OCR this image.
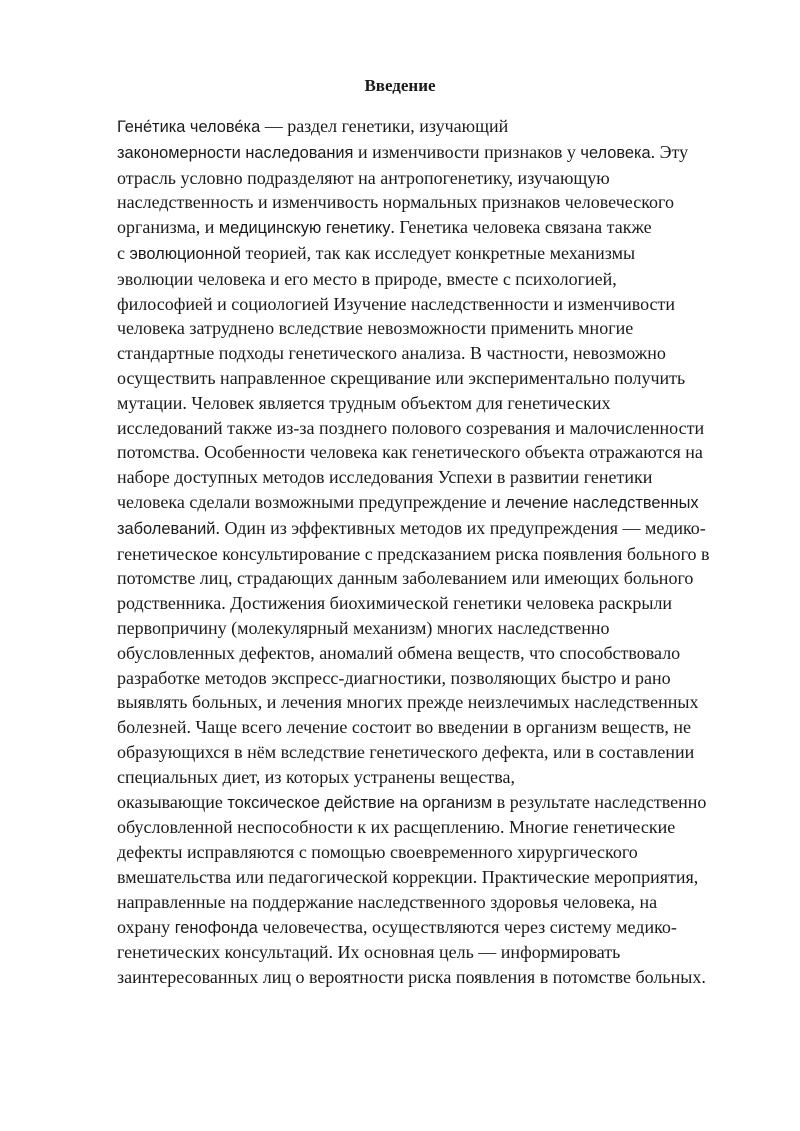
Введение
Гене́тика челове́ка — раздел генетики, изучающий
закономерности наследования и изменчивости признаков у человека. Эту
отрасль условно подразделяют на антропогенетику, изучающую
наследственность и изменчивость нормальных признаков человеческого
организма, и медицинскую генетику. Генетика человека связана также
с эволюционной теорией, так как исследует конкретные механизмы
эволюции человека и его место в природе, вместе с психологией,
философией и социологией Изучение наследственности и изменчивости
человека затруднено вследствие невозможности применить многие
стандартные подходы генетического анализа. В частности, невозможно
осуществить направленное скрещивание или экспериментально получить
мутации. Человек является трудным объектом для генетических
исследований также из-за позднего полового созревания и малочисленности
потомства. Особенности человека как генетического объекта отражаются на
наборе доступных методов исследования Успехи в развитии генетики
человека сделали возможными предупреждение и лечение наследственных
заболеваний. Один из эффективных методов их предупреждения — медико-
генетическое консультирование с предсказанием риска появления больного в
потомстве лиц, страдающих данным заболеванием или имеющих больного
родственника. Достижения биохимической генетики человека раскрыли
первопричину (молекулярный механизм) многих наследственно
обусловленных дефектов, аномалий обмена веществ, что способствовало
разработке методов экспресс-диагностики, позволяющих быстро и рано
выявлять больных, и лечения многих прежде неизлечимых наследственных
болезней. Чаще всего лечение состоит во введении в организм веществ, не
образующихся в нём вследствие генетического дефекта, или в составлении
специальных диет, из которых устранены вещества,
оказывающие токсическое действие на организм в результате наследственно
обусловленной неспособности к их расщеплению. Многие генетические
дефекты исправляются с помощью своевременного хирургического
вмешательства или педагогической коррекции. Практические мероприятия,
направленные на поддержание наследственного здоровья человека, на
охрану генофонда человечества, осуществляются через систему медико-
генетических консультаций. Их основная цель — информировать
заинтересованных лиц о вероятности риска появления в потомстве больных.
